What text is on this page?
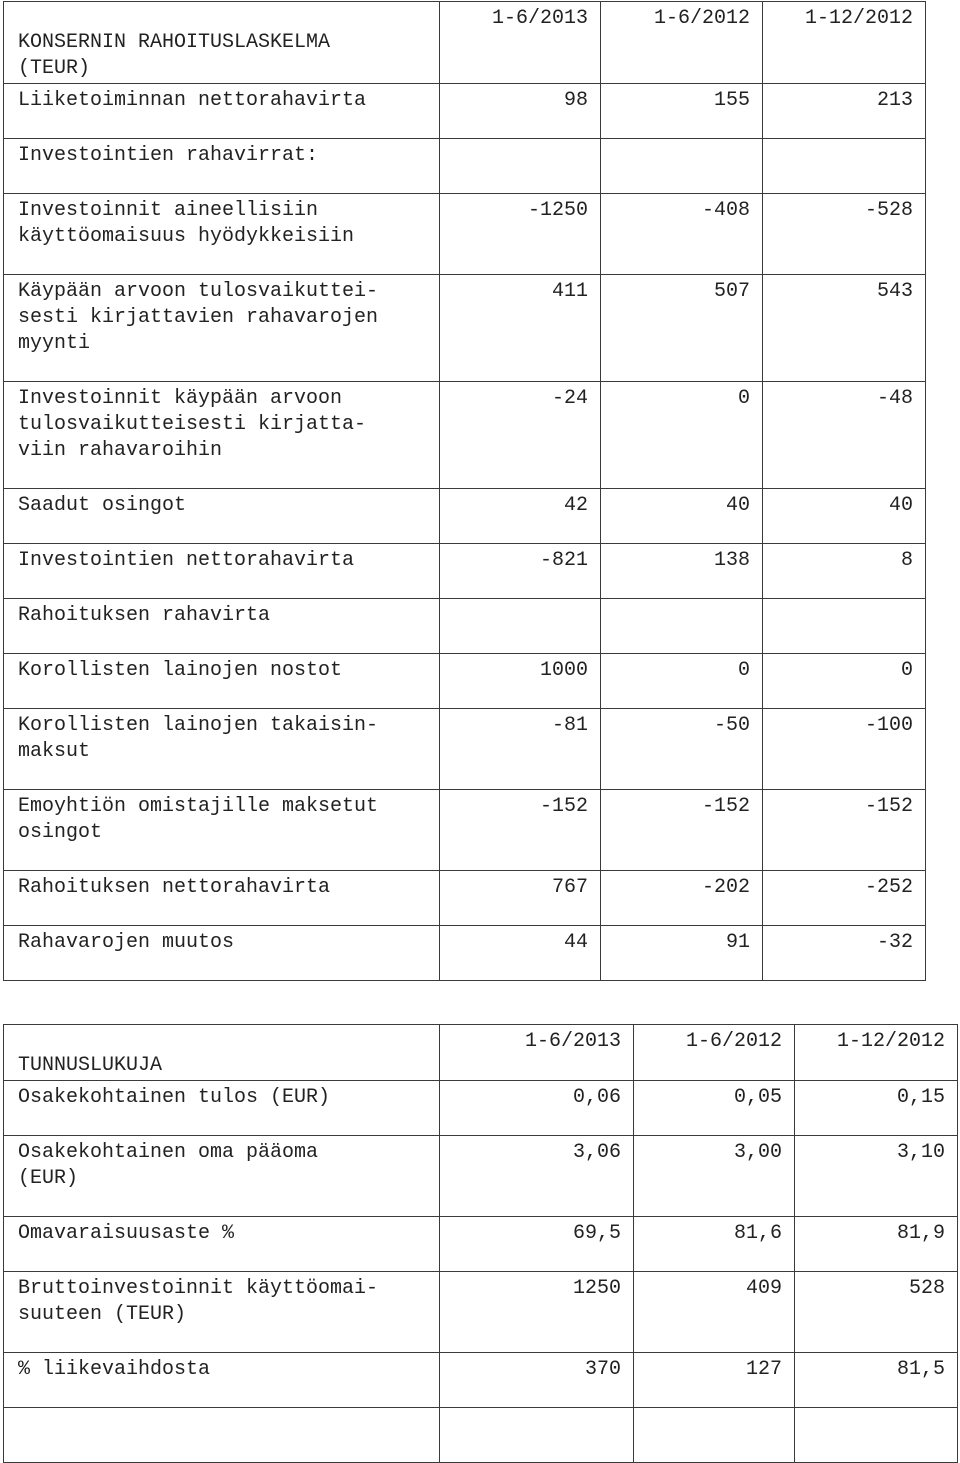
KONSERNIN RAHOITUSLASKELMA
(TEUR)	1-6/2013	1-6/2012	1-12/2012
Liiketoiminnan nettorahavirta	98	155	213
Investointien rahavirrat:			
Investoinnit aineellisiin
käyttöomaisuus hyödykkeisiin	-1250	-408	-528
Käypään arvoon tulosvaikuttei-
sesti kirjattavien rahavarojen
myynti	411	507	543
Investoinnit käypään arvoon
tulosvaikutteisesti kirjatta-
viin rahavaroihin	-24	0	-48
Saadut osingot	42	40	40
Investointien nettorahavirta	-821	138	8
Rahoituksen rahavirta			
Korollisten lainojen nostot	1000	0	0
Korollisten lainojen takaisin-
maksut	-81	-50	-100
Emoyhtiön omistajille maksetut
osingot	-152	-152	-152
Rahoituksen nettorahavirta	767	-202	-252
Rahavarojen muutos	44	91	-32
TUNNUSLUKUJA	1-6/2013	1-6/2012	1-12/2012
Osakekohtainen tulos (EUR)	0,06	0,05	0,15
Osakekohtainen oma pääoma
(EUR)	3,06	3,00	3,10
Omavaraisuusaste %	69,5	81,6	81,9
Bruttoinvestoinnit käyttöomai-
suuteen (TEUR)	1250	409	528
% liikevaihdosta	370	127	81,5
